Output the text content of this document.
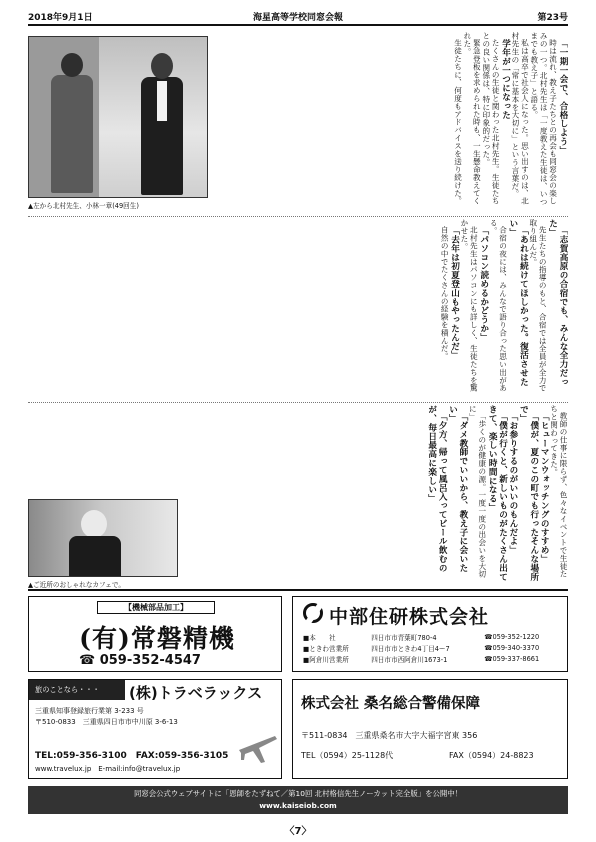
2018年9月1日	海星高等学校同窓会報	第23号
▲左から北村先生、小林一章(49回生)

「一期一会で、合格しよう」

時は流れ、教え子たちとの再会も同窓会の楽しみの一つ。北村先生は「一度教えた生徒は、いつまでも教え子」と語る。

私は高卒で社会人になった。思い出すのは、北村先生の「常に基本を大切に」という言葉だ。

学年が一つになった

たくさんの生徒と関わった北村先生。生徒たちとの良い関係は、特に印象的だった。

緊急登板を求められた時も、一生懸命教えてくれた。

生徒たちに、何度もアドバイスを送り続けた。

「志賀高原の合宿でも、みんな全力だった」

先生たちの指導のもと、合宿では全員が全力で取り組んだ。

「あれは続けてほしかった。復活させたい」

合宿の夜には、みんなで語り合った思い出がある。

「パソコン読めるかどうか」

北村先生はパソコンにも詳しく、生徒たちを驚かせた。

「去年は初夏登山もやったんだ」

自然の中でたくさんの経験を積んだ。

教師の仕事に限らず、色々なイベントで生徒たちと関わってきた。

「ヒューマンウォッチングのすすめ」

「僕が、夏のこの町でも行ったそんな場所で」

「お参りするのがいいのもんだよ」

「僕が行くと、新しいものがたくさん出てきて、楽しい時間になる」

「歩くのが健康の源。一度一度の出会いを大切に」

「ダメ教師でいいから、教え子に会いたい」

「夕方、帰って風呂入ってビール飲むのが、毎日最高に楽しい」

▲ご近所のおしゃれなカフェで。
【機械部品加工】
(有)常磐精機
☎ 059-352-4547
中部住研株式会社
■本　　社	四日市市青葉町780-4	☎059-352-1220
■ときわ営業所	四日市市ときわ4丁目4ー7	☎059-340-3370
■阿倉川営業所	四日市市西阿倉川1673-1	☎059-337-8661
旅のことなら・・・	(株)トラベラックス
三重県知事登録旅行業第 3-233 号
〒510-0833　三重県四日市市中川原 3-6-13
TEL:059-356-3100　FAX:059-356-3105
www.travelux.jp　E-mail:info@travelux.jp
株式会社 桑名総合警備保障
〒511-0834　三重県桑名市大字大福字宮東 356
TEL（0594）25-1128代	FAX（0594）24-8823
同窓会公式ウェブサイトに「恩師をたずねて／第10回 北村格信先生ノーカット完全版」を公開中！
www.kaiseiob.com
〈7〉
